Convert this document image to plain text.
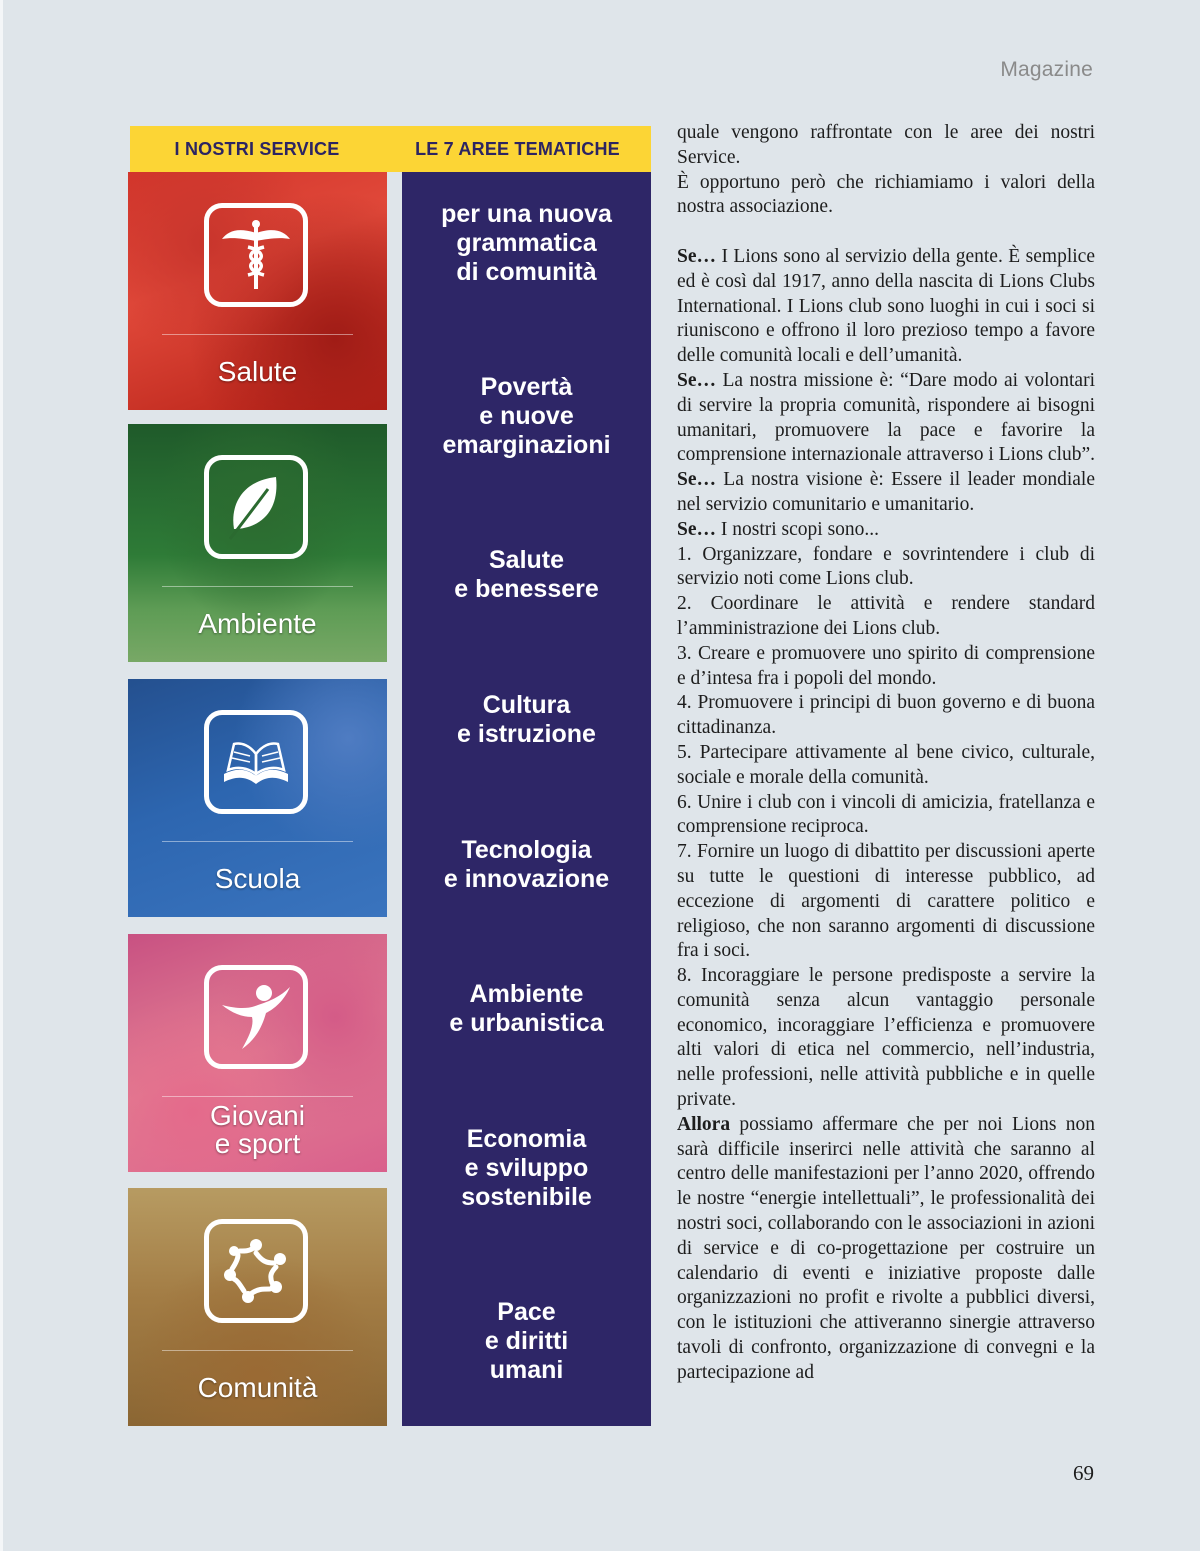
Magazine
I NOSTRI SERVICE	LE 7 AREE TEMATICHE
Salute
Ambiente
Scuola
Giovani
e sport
Comunità
per una nuova
grammatica
di comunità
Povertà
e nuove
emarginazioni
Salute
e benessere
Cultura
e istruzione
Tecnologia
e innovazione
Ambiente
e urbanistica
Economia
e sviluppo
sostenibile
Pace
e diritti
umani

quale vengono raffrontate con le aree dei nostri Service.

È opportuno però che richiamiamo i valori della nostra associazione.

Se… I Lions sono al servizio della gente. È semplice ed è così dal 1917, anno della nascita di Lions Clubs International. I Lions club sono luoghi in cui i soci si riuniscono e offrono il loro prezioso tempo a favore delle comunità locali e dell’umanità.

Se… La nostra missione è: “Dare modo ai volontari di servire la propria comunità, rispondere ai bisogni umanitari, promuovere la pace e favorire la comprensione internazionale attraverso i Lions club”.

Se… La nostra visione è: Essere il leader mondiale nel servizio comunitario e umanitario.

Se… I nostri scopi sono...

1. Organizzare, fondare e sovrintendere i club di servizio noti come Lions club.

2. Coordinare le attività e rendere standard l’amministrazione dei Lions club.

3. Creare e promuovere uno spirito di comprensione e d’intesa fra i popoli del mondo.

4. Promuovere i principi di buon governo e di buona cittadinanza.

5. Partecipare attivamente al bene civico, culturale, sociale e morale della comunità.

6. Unire i club con i vincoli di amicizia, fratellanza e comprensione reciproca.

7. Fornire un luogo di dibattito per discussioni aperte su tutte le questioni di interesse pubblico, ad eccezione di argomenti di carattere politico e religioso, che non saranno argomenti di discussione fra i soci.

8. Incoraggiare le persone predisposte a servire la comunità senza alcun vantaggio personale economico, incoraggiare l’efficienza e promuovere alti valori di etica nel commercio, nell’industria, nelle professioni, nelle attività pubbliche e in quelle private.

Allora possiamo affermare che per noi Lions non sarà difficile inserirci nelle attività che saranno al centro delle manifestazioni per l’anno 2020, offrendo le nostre “energie intellettuali”, le professionalità dei nostri soci, collaborando con le associazioni in azioni di service e di co-progettazione per costruire un calendario di eventi e iniziative proposte dalle organizzazioni no profit e rivolte a pubblici diversi, con le istituzioni che attiveranno sinergie attraverso tavoli di confronto, organizzazione di convegni e la partecipazione ad

69
